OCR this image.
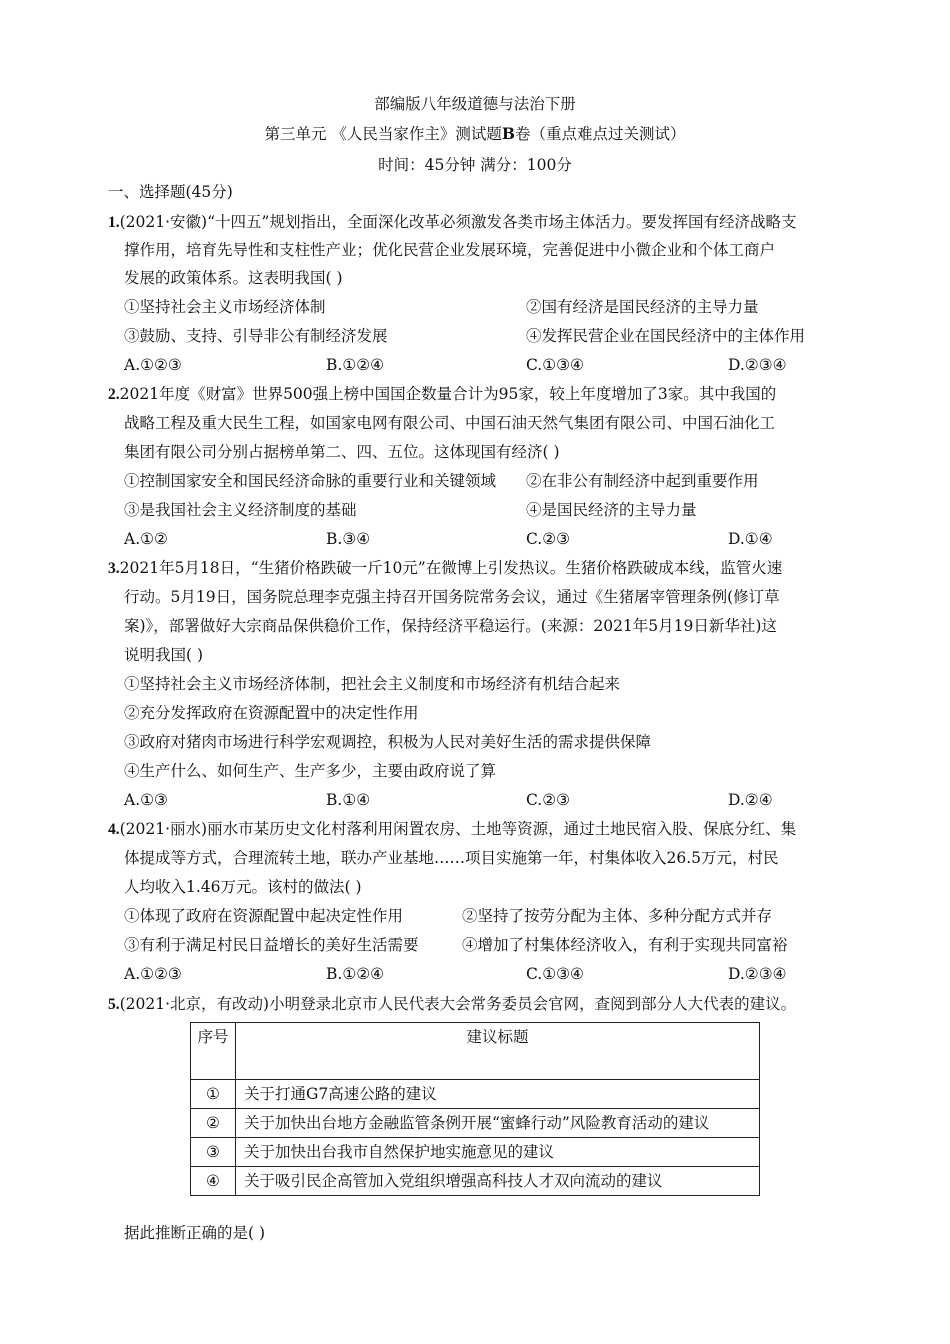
部编版八年级道德与法治下册
第三单元 《人民当家作主》测试题B卷（重点难点过关测试）
时间：45分钟 满分：100分
一、选择题(45分)
1.(2021·安徽)“十四五”规划指出，全面深化改革必须激发各类市场主体活力。要发挥国有经济战略支
撑作用，培育先导性和支柱性产业；优化民营企业发展环境，完善促进中小微企业和个体工商户
发展的政策体系。这表明我国( )
①坚持社会主义市场经济体制	②国有经济是国民经济的主导力量
③鼓励、支持、引导非公有制经济发展	④发挥民营企业在国民经济中的主体作用
A.①②③	B.①②④	C.①③④	D.②③④
2.2021年度《财富》世界500强上榜中国国企数量合计为95家，较上年度增加了3家。其中我国的
战略工程及重大民生工程，如国家电网有限公司、中国石油天然气集团有限公司、中国石油化工
集团有限公司分别占据榜单第二、四、五位。这体现国有经济( )
①控制国家安全和国民经济命脉的重要行业和关键领域 ②在非公有制经济中起到重要作用
③是我国社会主义经济制度的基础	④是国民经济的主导力量
A.①②	B.③④	C.②③	D.①④
3.2021年5月18日，“生猪价格跌破一斤10元”在微博上引发热议。生猪价格跌破成本线，监管火速
行动。5月19日，国务院总理李克强主持召开国务院常务会议，通过《生猪屠宰管理条例(修订草
案)》，部署做好大宗商品保供稳价工作，保持经济平稳运行。(来源：2021年5月19日新华社)这
说明我国( )
①坚持社会主义市场经济体制，把社会主义制度和市场经济有机结合起来
②充分发挥政府在资源配置中的决定性作用
③政府对猪肉市场进行科学宏观调控，积极为人民对美好生活的需求提供保障
④生产什么、如何生产、生产多少，主要由政府说了算
A.①③	B.①④	C.②③	D.②④
4.(2021·丽水)丽水市某历史文化村落利用闲置农房、土地等资源，通过土地民宿入股、保底分红、集
体提成等方式，合理流转土地，联办产业基地……项目实施第一年，村集体收入26.5万元，村民
人均收入1.46万元。该村的做法( )
①体现了政府在资源配置中起决定性作用	②坚持了按劳分配为主体、多种分配方式并存
③有利于满足村民日益增长的美好生活需要	④增加了村集体经济收入，有利于实现共同富裕
A.①②③	B.①②④	C.①③④	D.②③④
5.(2021·北京，有改动)小明登录北京市人民代表大会常务委员会官网，查阅到部分人大代表的建议。
序号	建议标题
①	关于打通G7高速公路的建议
②	关于加快出台地方金融监管条例开展“蜜蜂行动”风险教育活动的建议
③	关于加快出台我市自然保护地实施意见的建议
④	关于吸引民企高管加入党组织增强高科技人才双向流动的建议
据此推断正确的是( )
